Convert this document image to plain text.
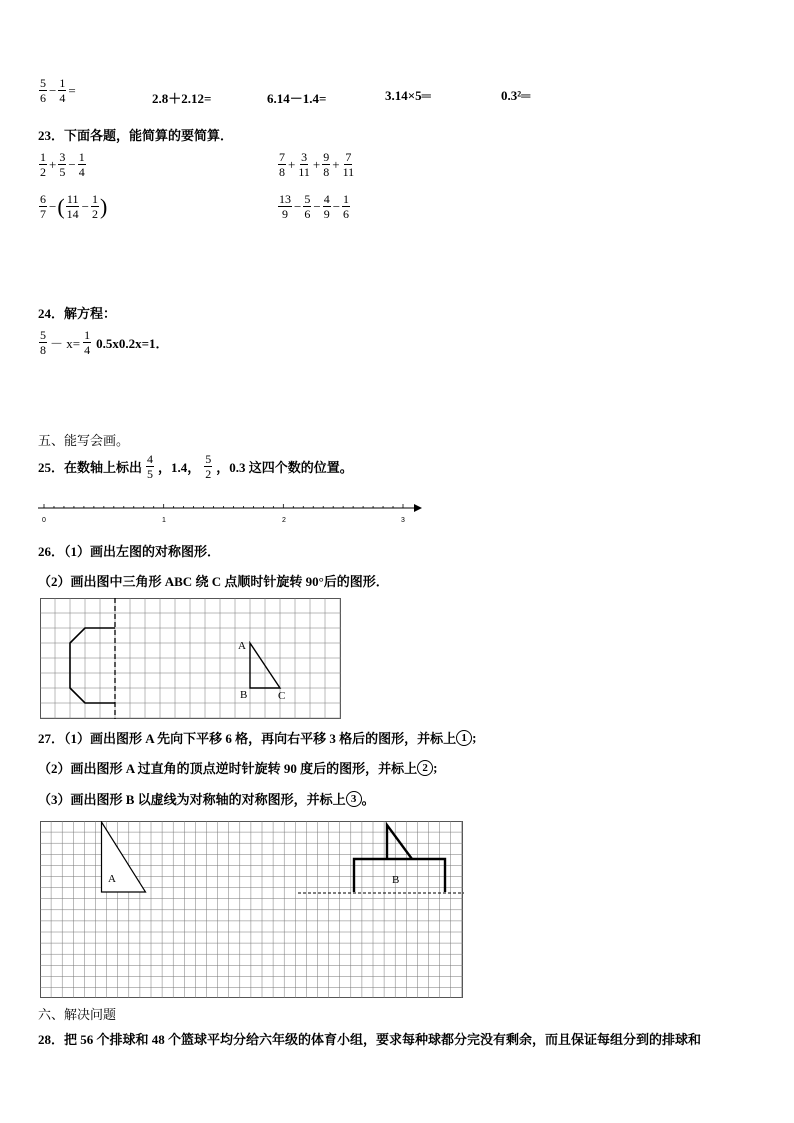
$\frac{5}{6} - \frac{1}{4}$ =
2.8＋2.12=	6.14－1.4=	3.14×5═	0.3²═
23．下面各题，能简算的要简算．
$\frac{1}{2} + \frac{3}{5} - \frac{1}{4}$	$\frac{7}{8} + \frac{3}{11} + \frac{9}{8} + \frac{7}{11}$
$\frac{6}{7}$ − ( $\frac{11}{14} - \frac{1}{2}$ )	$\frac{13}{9} - \frac{5}{6} - \frac{4}{9} - \frac{1}{6}$
24．解方程：
$\frac{5}{8} - x= \frac{1}{4} 0.5x0.2x=1$．
五、能写会画。
25．在数轴上标出 $\frac{4}{5}$ ，1.4， $\frac{5}{2}$ ，0.3 这四个数的位置。
0	1	2	3
26．（1）画出左图的对称图形．
（2）画出图中三角形 ABC 绕 C 点顺时针旋转 90°后的图形．
A
B	C
27．（1）画出图形 A 先向下平移 6 格，再向右平移 3 格后的图形，并标上 1 ;
（2）画出图形 A 过直角的顶点逆时针旋转 90 度后的图形，并标上 2 ;
（3）画出图形 B 以虚线为对称轴的对称图形，并标上 3 。
A	B
六、解决问题
28．把 56 个排球和 48 个篮球平均分给六年级的体育小组，要求每种球都分完没有剩余，而且保证每组分到的排球和
